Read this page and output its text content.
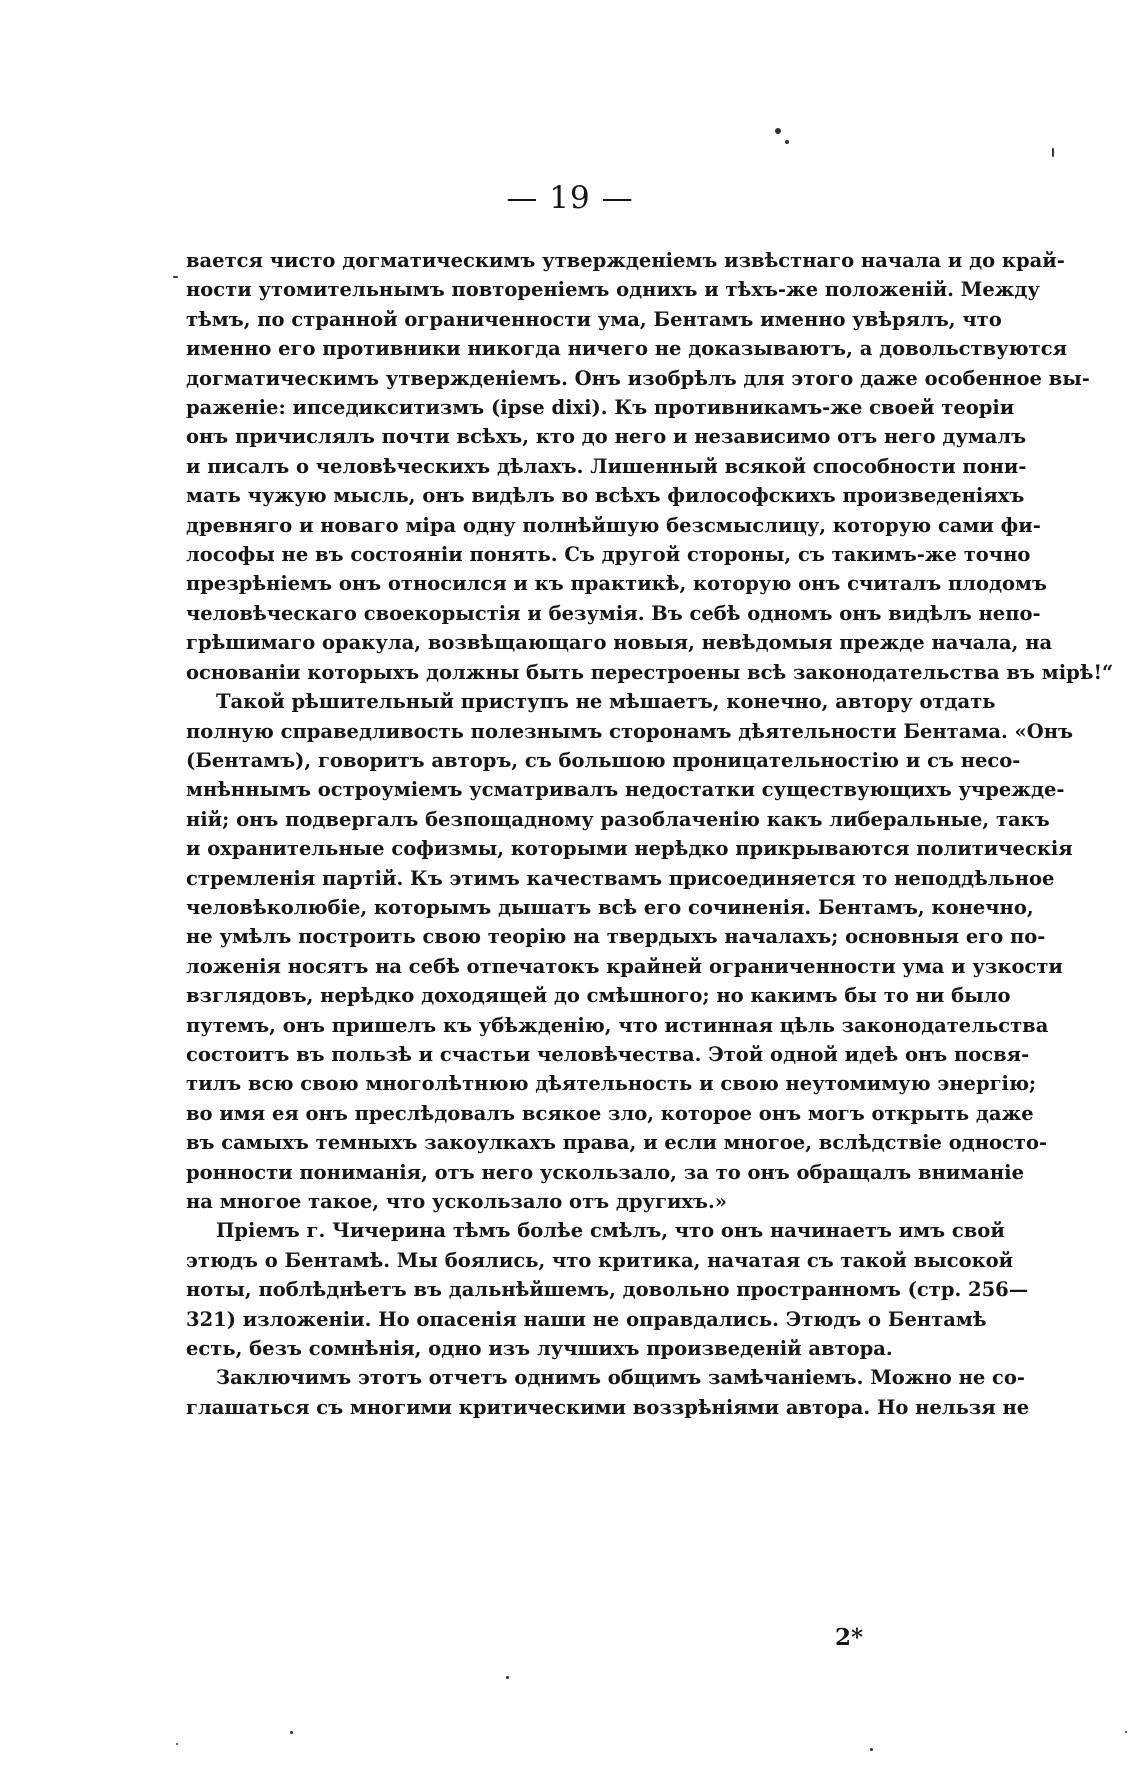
— 19 —

вается чисто догматическимъ утвержденіемъ извѣстнаго начала и до край-
ности утомительнымъ повтореніемъ однихъ и тѣхъ-же положеній. Между
тѣмъ, по странной ограниченности ума, Бентамъ именно увѣрялъ, что
именно его противники никогда ничего не доказываютъ, а довольствуются
догматическимъ утвержденіемъ. Онъ изобрѣлъ для этого даже особенное вы-
раженіе: ипседикситизмъ (ipse dixi). Къ противникамъ-же своей теоріи
онъ причислялъ почти всѣхъ, кто до него и независимо отъ него думалъ
и писалъ о человѣческихъ дѣлахъ. Лишенный всякой способности пони-
мать чужую мысль, онъ видѣлъ во всѣхъ философскихъ произведеніяхъ
древняго и новаго міра одну полнѣйшую безсмыслицу, которую сами фи-
лософы не въ состояніи понять. Съ другой стороны, съ такимъ-же точно
презрѣніемъ онъ относился и къ практикѣ, которую онъ считалъ плодомъ
человѣческаго своекорыстія и безумія. Въ себѣ одномъ онъ видѣлъ непо-
грѣшимаго оракула, возвѣщающаго новыя, невѣдомыя прежде начала, на
основаніи которыхъ должны быть перестроены всѣ законодательства въ мірѣ!“

Такой рѣшительный приступъ не мѣшаетъ, конечно, автору отдать
полную справедливость полезнымъ сторонамъ дѣятельности Бентама. «Онъ
(Бентамъ), говоритъ авторъ, съ большою проницательностію и съ несо-
мнѣннымъ остроуміемъ усматривалъ недостатки существующихъ учрежде-
ній; онъ подвергалъ безпощадному разоблаченію какъ либеральные, такъ
и охранительные софизмы, которыми нерѣдко прикрываются политическія
стремленія партій. Къ этимъ качествамъ присоединяется то неподдѣльное
человѣколюбіе, которымъ дышатъ всѣ его сочиненія. Бентамъ, конечно,
не умѣлъ построить свою теорію на твердыхъ началахъ; основныя его по-
ложенія носятъ на себѣ отпечатокъ крайней ограниченности ума и узкости
взглядовъ, нерѣдко доходящей до смѣшного; но какимъ бы то ни было
путемъ, онъ пришелъ къ убѣжденію, что истинная цѣль законодательства
состоитъ въ пользѣ и счастьи человѣчества. Этой одной идеѣ онъ посвя-
тилъ всю свою многолѣтнюю дѣятельность и свою неутомимую энергію;
во имя ея онъ преслѣдовалъ всякое зло, которое онъ могъ открыть даже
въ самыхъ темныхъ закоулкахъ права, и если многое, вслѣдствіе односто-
ронности пониманія, отъ него ускользало, за то онъ обращалъ вниманіе
на многое такое, что ускользало отъ другихъ.»

Пріемъ г. Чичерина тѣмъ болѣе смѣлъ, что онъ начинаетъ имъ свой
этюдъ о Бентамѣ. Мы боялись, что критика, начатая съ такой высокой
ноты, поблѣднѣетъ въ дальнѣйшемъ, довольно пространномъ (стр. 256—
321) изложеніи. Но опасенія наши не оправдались. Этюдъ о Бентамѣ
есть, безъ сомнѣнія, одно изъ лучшихъ произведеній автора.

Заключимъ этотъ отчетъ однимъ общимъ замѣчаніемъ. Можно не со-
глашаться съ многими критическими воззрѣніями автора. Но нельзя не

2*
